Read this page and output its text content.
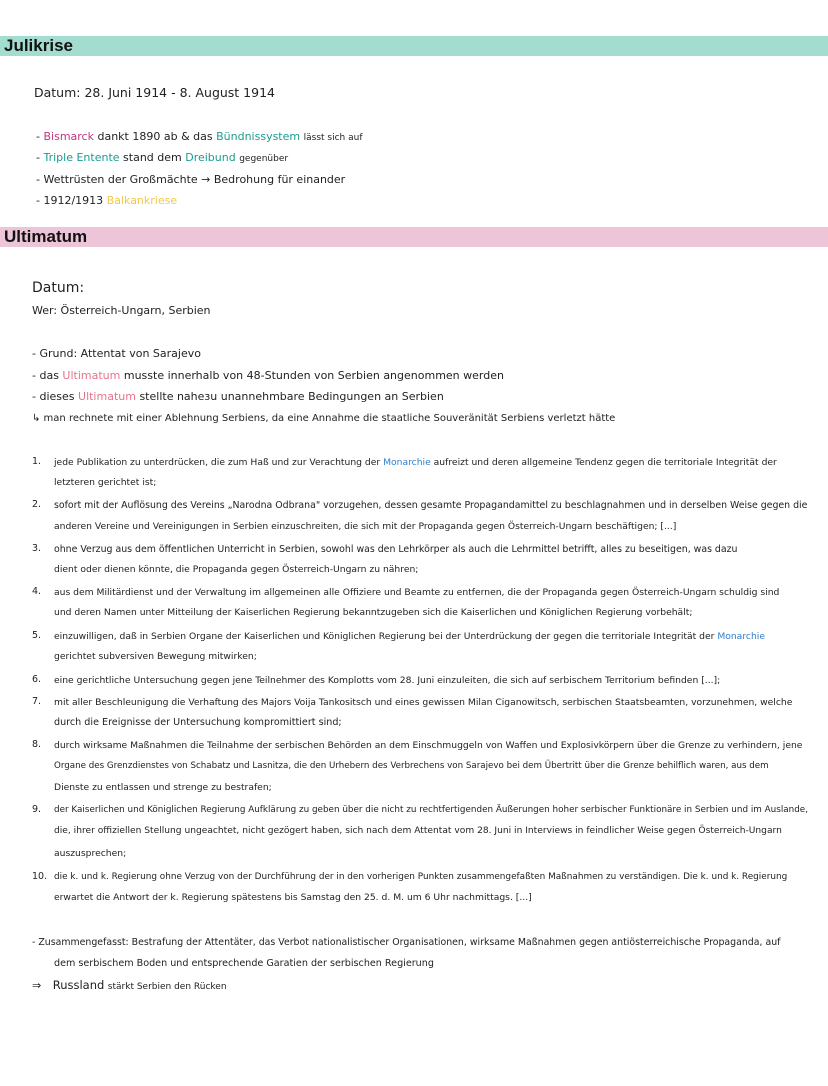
Julikrise
Datum: 28. Juni 1914 - 8. August 1914
- Bismarck dankt 1890 ab & das Bündnissystem lässt sich auf
- Triple Entente stand dem Dreibund gegenüber
- Wettrüsten der Großmächte → Bedrohung für einander
- 1912/1913 Balkankriese
Ultimatum
Datum:
Wer: Österreich-Ungarn, Serbien
- Grund: Attentat von Sarajevo
- das Ultimatum musste innerhalb von 48-Stunden von Serbien angenommen werden
- dieses Ultimatum stellte naheзu unannehmbare Bedingungen an Serbien
↳ man rechnete mit einer Ablehnung Serbiens, da eine Annahme die staatliche Souveränität Serbiens verletzt hätte
1. jede Publikation zu unterdrücken, die zum Haß und zur Verachtung der Monarchie aufreizt und deren allgemeine Tendenz gegen die territoriale Integrität der
letzteren gerichtet ist;
2. sofort mit der Auflösung des Vereins „Narodna Odbrana" vorzugehen, dessen gesamte Propagandamittel zu beschlagnahmen und in derselben Weise gegen die
anderen Vereine und Vereinigungen in Serbien einzuschreiten, die sich mit der Propaganda gegen Österreich-Ungarn beschäftigen; [...]
3. ohne Verzug aus dem öffentlichen Unterricht in Serbien, sowohl was den Lehrkörper als auch die Lehrmittel betrifft, alles zu beseitigen, was dazu
dient oder dienen könnte, die Propaganda gegen Österreich-Ungarn zu nähren;
4. aus dem Militärdienst und der Verwaltung im allgemeinen alle Offiziere und Beamte zu entfernen, die der Propaganda gegen Österreich-Ungarn schuldig sind
und deren Namen unter Mitteilung der Kaiserlichen Regierung bekanntzugeben sich die Kaiserlichen und Königlichen Regierung vorbehält;
5. einzuwilligen, daß in Serbien Organe der Kaiserlichen und Königlichen Regierung bei der Unterdrückung der gegen die territoriale Integrität der Monarchie
gerichtet subversiven Bewegung mitwirken;
6. eine gerichtliche Untersuchung gegen jene Teilnehmer des Komplotts vom 28. Juni einzuleiten, die sich auf serbischem Territorium befinden [...];
7. mit aller Beschleunigung die Verhaftung des Majors Voija Tankositsch und eines gewissen Milan Ciganowitsch, serbischen Staatsbeamten, vorzunehmen, welche
durch die Ereignisse der Untersuchung kompromittiert sind;
8. durch wirksame Maßnahmen die Teilnahme der serbischen Behörden an dem Einschmuggeln von Waffen und Explosivkörpern über die Grenze zu verhindern, jene
Organe des Grenzdienstes von Schabatz und Lasnitza, die den Urhebern des Verbrechens von Sarajevo bei dem Übertritt über die Grenze behilflich waren, aus dem
Dienste zu entlassen und strenge zu bestrafen;
9. der Kaiserlichen und Königlichen Regierung Aufklärung zu geben über die nicht zu rechtfertigenden Äußerungen hoher serbischer Funktionäre in Serbien und im Auslande,
die, ihrer offiziellen Stellung ungeachtet, nicht gezögert haben, sich nach dem Attentat vom 28. Juni in Interviews in feindlicher Weise gegen Österreich-Ungarn
auszusprechen;
10. die k. und k. Regierung ohne Verzug von der Durchführung der in den vorherigen Punkten zusammengefaßten Maßnahmen zu verständigen. Die k. und k. Regierung
erwartet die Antwort der k. Regierung spätestens bis Samstag den 25. d. M. um 6 Uhr nachmittags. [...]
- Zusammengefasst: Bestrafung der Attentäter, das Verbot nationalistischer Organisationen, wirksame Maßnahmen gegen antiösterreichische Propaganda, auf
dem serbischem Boden und entsprechende Garatien der serbischen Regierung
⇒ Russland stärkt Serbien den Rücken
